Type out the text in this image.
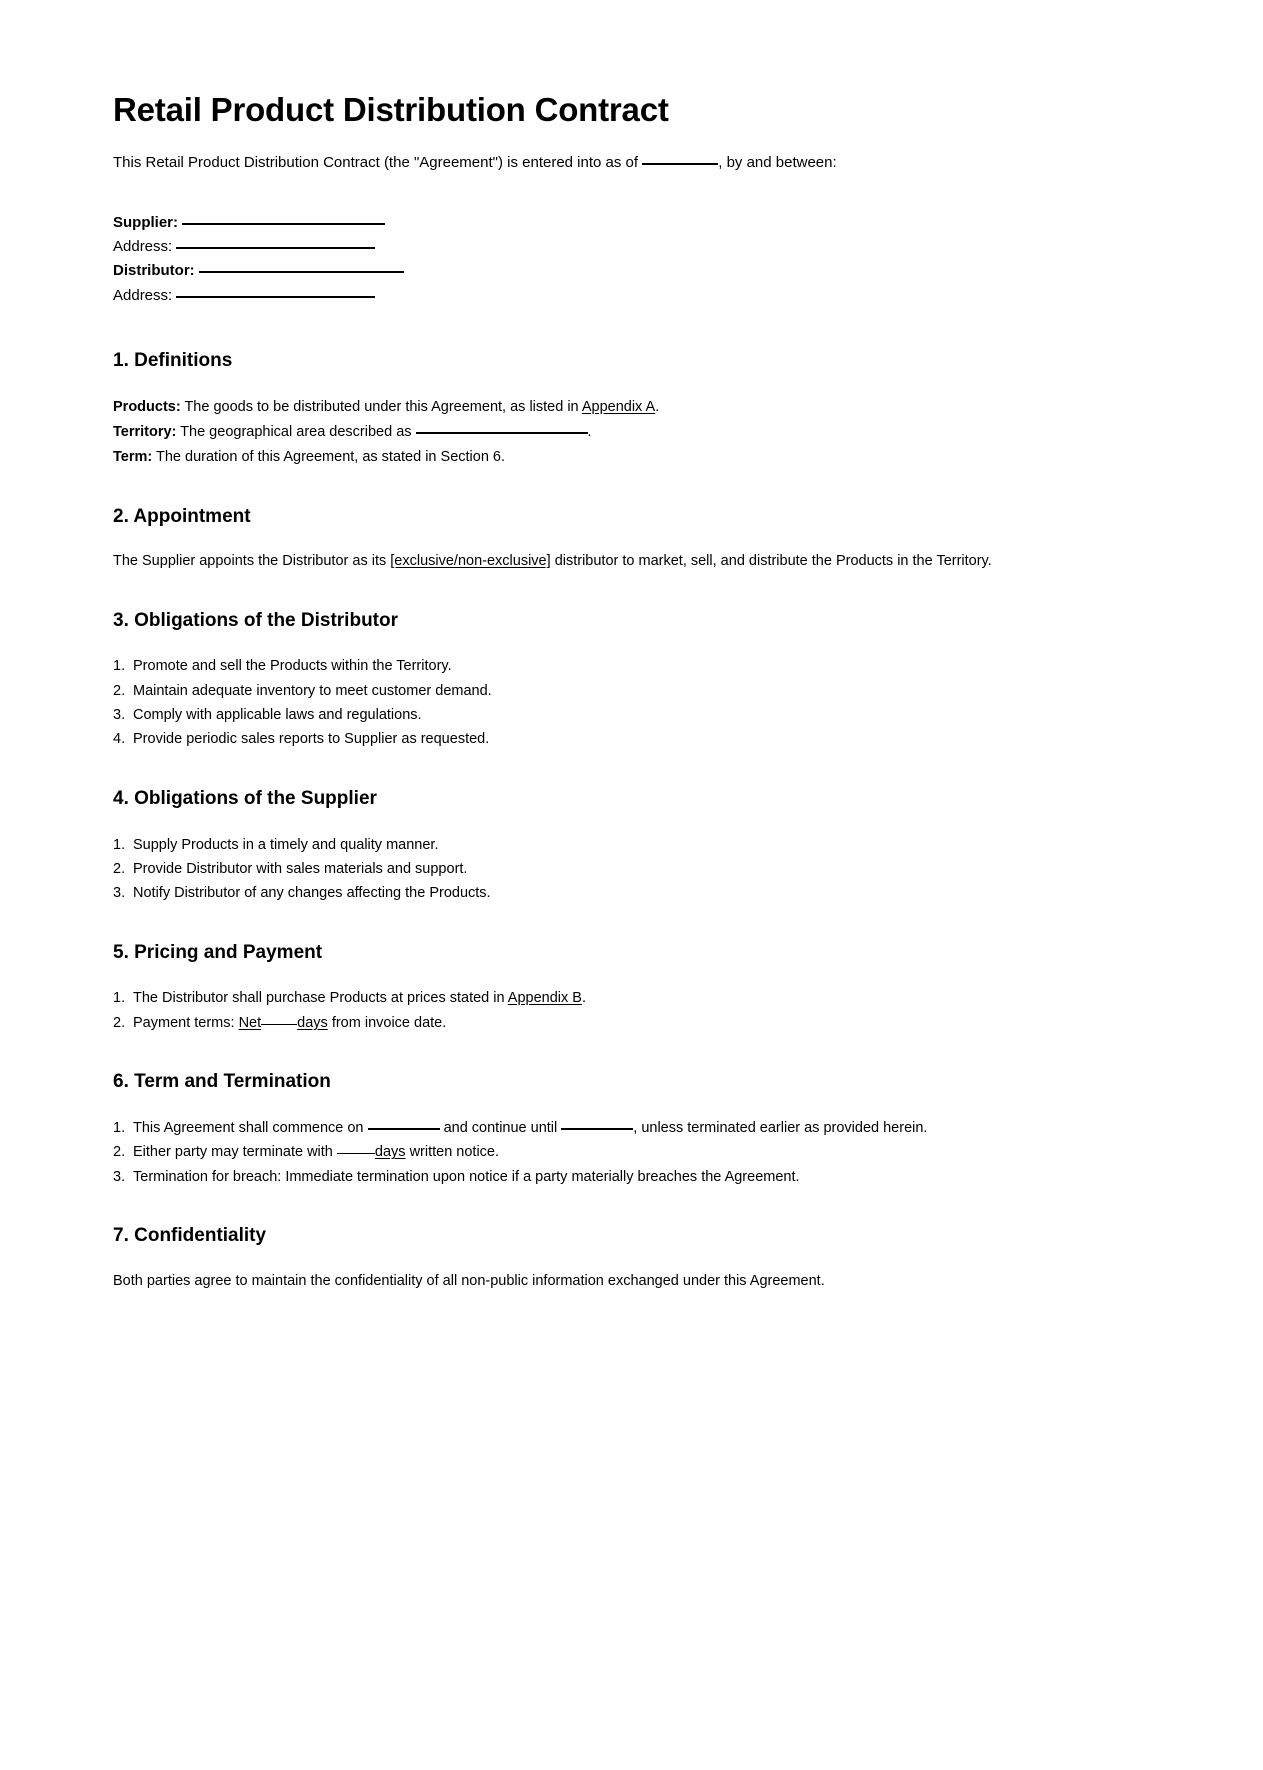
Retail Product Distribution Contract

This Retail Product Distribution Contract (the "Agreement") is entered into as of	, by and between:

Supplier:
Address:
Distributor:
Address:
1. Definitions
Products: The goods to be distributed under this Agreement, as listed in Appendix A.
Territory: The geographical area described as	.
Term: The duration of this Agreement, as stated in Section 6.
2. Appointment

The Supplier appoints the Distributor as its [exclusive/non-exclusive] distributor to market, sell, and distribute the Products in the Territory.

3. Obligations of the Distributor
1. Promote and sell the Products within the Territory.
2. Maintain adequate inventory to meet customer demand.
3. Comply with applicable laws and regulations.
4. Provide periodic sales reports to Supplier as requested.
4. Obligations of the Supplier
1. Supply Products in a timely and quality manner.
2. Provide Distributor with sales materials and support.
3. Notify Distributor of any changes affecting the Products.
5. Pricing and Payment
1. The Distributor shall purchase Products at prices stated in Appendix B.
2. Payment terms: Net days from invoice date.
6. Term and Termination
1. This Agreement shall commence on	and continue until	, unless terminated earlier as provided herein.
2. Either party may terminate with	days written notice.
3. Termination for breach: Immediate termination upon notice if a party materially breaches the Agreement.
7. Confidentiality

Both parties agree to maintain the confidentiality of all non-public information exchanged under this Agreement.
